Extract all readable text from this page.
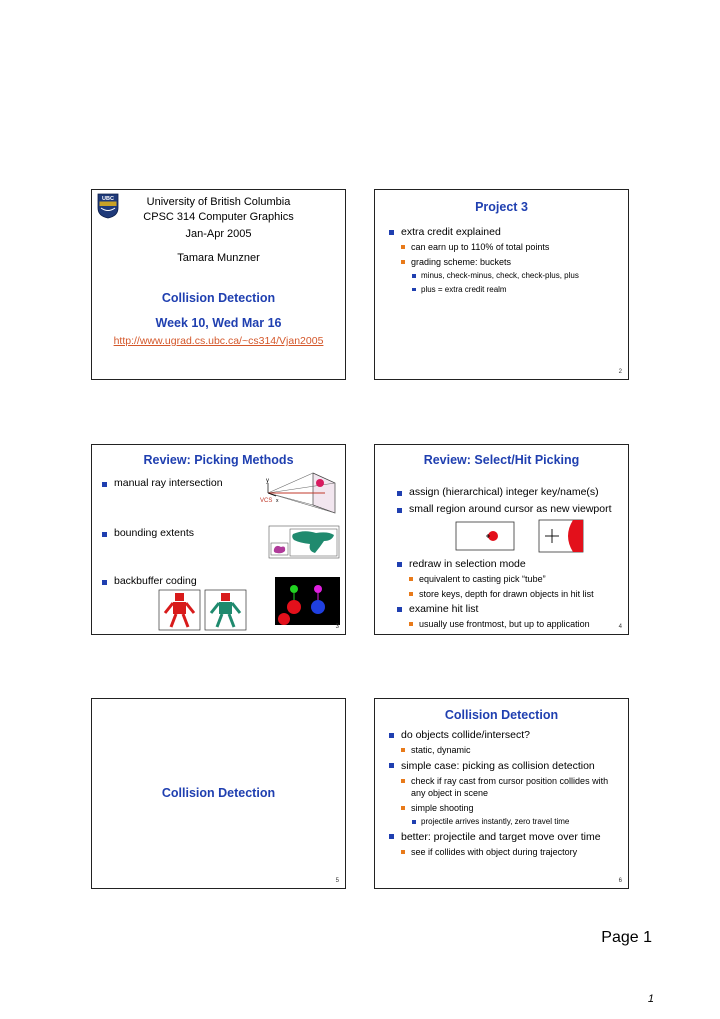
UBC	University of British Columbia
CPSC 314 Computer Graphics
Jan-Apr 2005
Tamara Munzner
Collision Detection
Week 10, Wed Mar 16
http://www.ugrad.cs.ubc.ca/~cs314/Vjan2005
Project 3
extra credit explained
can earn up to 110% of total points
grading scheme: buckets
minus, check-minus, check, check-plus, plus
plus = extra credit realm
2
Review: Picking Methods
manual ray intersection
bounding extents
backbuffer coding
y
x
VCS
3
Review: Select/Hit Picking
assign (hierarchical) integer key/name(s)
small region around cursor as new viewport
redraw in selection mode
equivalent to casting pick “tube”
store keys, depth for drawn objects in hit list
examine hit list
usually use frontmost, but up to application	4
Collision Detection
5
Collision Detection
do objects collide/intersect?
static, dynamic
simple case: picking as collision detection
check if ray cast from cursor position collides with any object in scene
simple shooting
projectile arrives instantly, zero travel time
better: projectile and target move over time
see if collides with object during trajectory
6
Page 1
1
